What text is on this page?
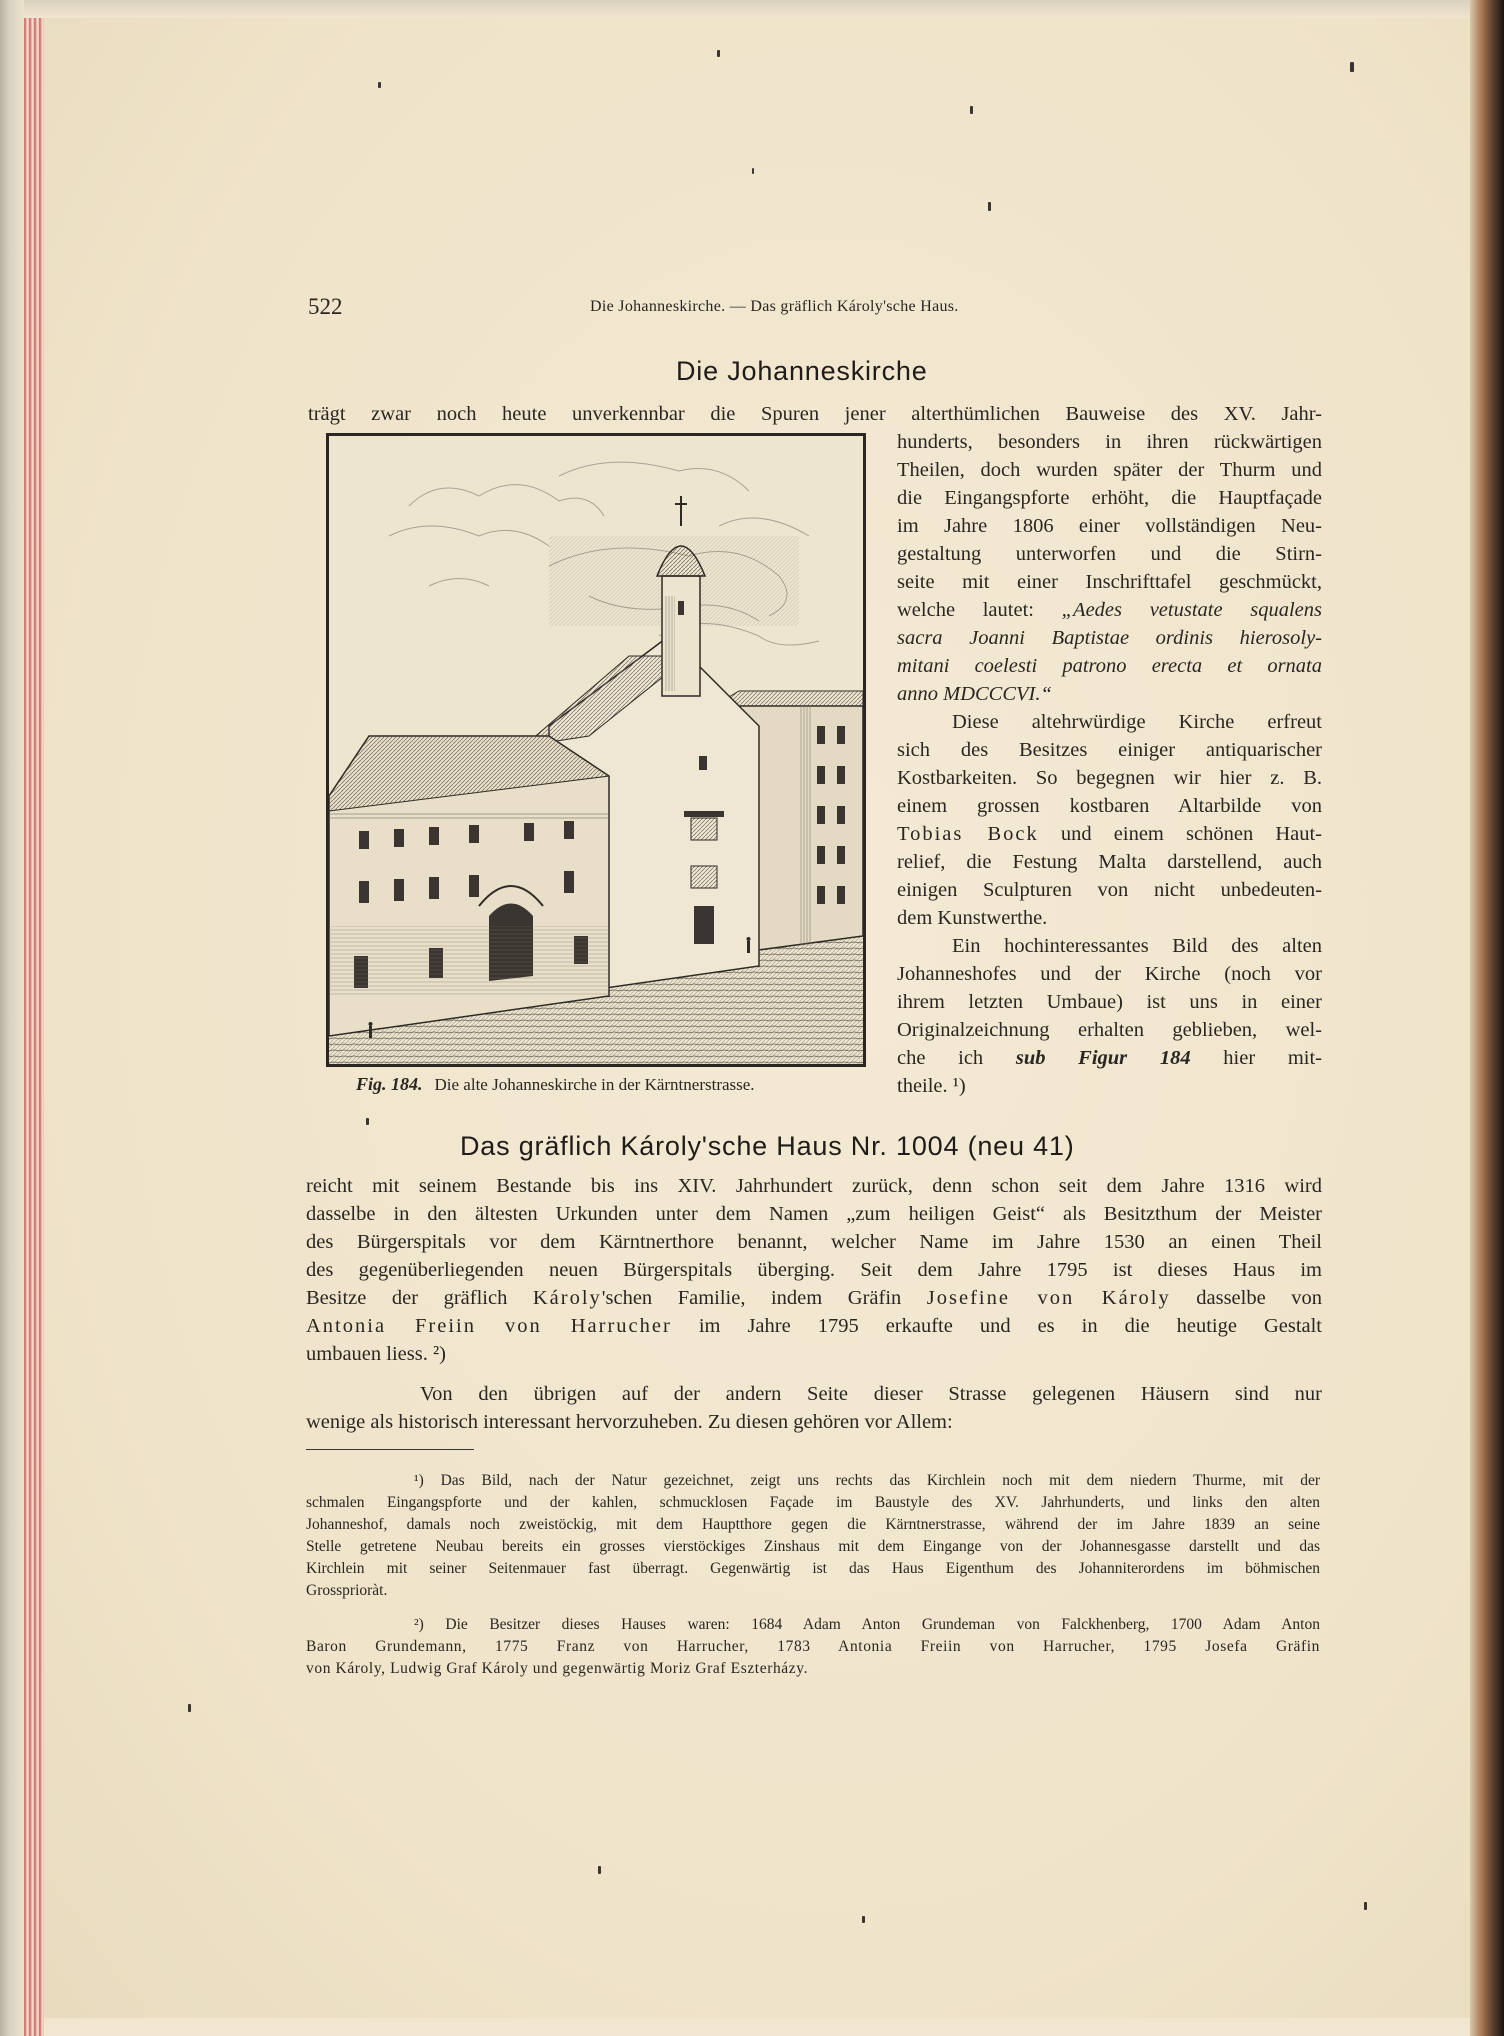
522	Die Johanneskirche. — Das gräflich Károly'sche Haus.
Die Johanneskirche
trägt zwar noch heute unverkennbar die Spuren jener alterthümlichen Bauweise des XV. Jahr-
hunderts, besonders in ihren rückwärtigen
Theilen, doch wurden später der Thurm und
die Eingangspforte erhöht, die Hauptfaçade
im Jahre 1806 einer vollständigen Neu-
gestaltung unterworfen und die Stirn-
seite mit einer Inschrifttafel geschmückt,
welche lautet: „Aedes vetustate squalens
sacra Joanni Baptistae ordinis hierosoly-
mitani coelesti patrono erecta et ornata
anno MDCCCVI.“
Diese altehrwürdige Kirche erfreut
sich des Besitzes einiger antiquarischer
Kostbarkeiten. So begegnen wir hier z. B.
einem grossen kostbaren Altarbilde von
Tobias Bock und einem schönen Haut-
relief, die Festung Malta darstellend, auch
einigen Sculpturen von nicht unbedeuten-
dem Kunstwerthe.
Ein hochinteressantes Bild des alten
Johanneshofes und der Kirche (noch vor
ihrem letzten Umbaue) ist uns in einer
Originalzeichnung erhalten geblieben, wel-
che ich sub Figur 184 hier mit-
theile. ¹)
Fig. 184. Die alte Johanneskirche in der Kärntnerstrasse.
Das gräflich Károly'sche Haus Nr. 1004 (neu 41)
reicht mit seinem Bestande bis ins XIV. Jahrhundert zurück, denn schon seit dem Jahre 1316 wird
dasselbe in den ältesten Urkunden unter dem Namen „zum heiligen Geist“ als Besitzthum der Meister
des Bürgerspitals vor dem Kärntnerthore benannt, welcher Name im Jahre 1530 an einen Theil
des gegenüberliegenden neuen Bürgerspitals überging. Seit dem Jahre 1795 ist dieses Haus im
Besitze der gräflich Károly'schen Familie, indem Gräfin Josefine von Károly dasselbe von
Antonia Freiin von Harrucher im Jahre 1795 erkaufte und es in die heutige Gestalt
umbauen liess. ²)
Von den übrigen auf der andern Seite dieser Strasse gelegenen Häusern sind nur
wenige als historisch interessant hervorzuheben. Zu diesen gehören vor Allem:
¹) Das Bild, nach der Natur gezeichnet, zeigt uns rechts das Kirchlein noch mit dem niedern Thurme, mit der
schmalen Eingangspforte und der kahlen, schmucklosen Façade im Baustyle des XV. Jahrhunderts, und links den alten
Johanneshof, damals noch zweistöckig, mit dem Hauptthore gegen die Kärntnerstrasse, während der im Jahre 1839 an seine
Stelle getretene Neubau bereits ein grosses vierstöckiges Zinshaus mit dem Eingange von der Johannesgasse darstellt und das
Kirchlein mit seiner Seitenmauer fast überragt. Gegenwärtig ist das Haus Eigenthum des Johanniterordens im böhmischen
Grossprioràt.
²) Die Besitzer dieses Hauses waren: 1684 Adam Anton Grundeman von Falckhenberg, 1700 Adam Anton
Baron Grundemann, 1775 Franz von Harrucher, 1783 Antonia Freiin von Harrucher, 1795 Josefa Gräfin
von Károly, Ludwig Graf Károly und gegenwärtig Moriz Graf Eszterházy.
